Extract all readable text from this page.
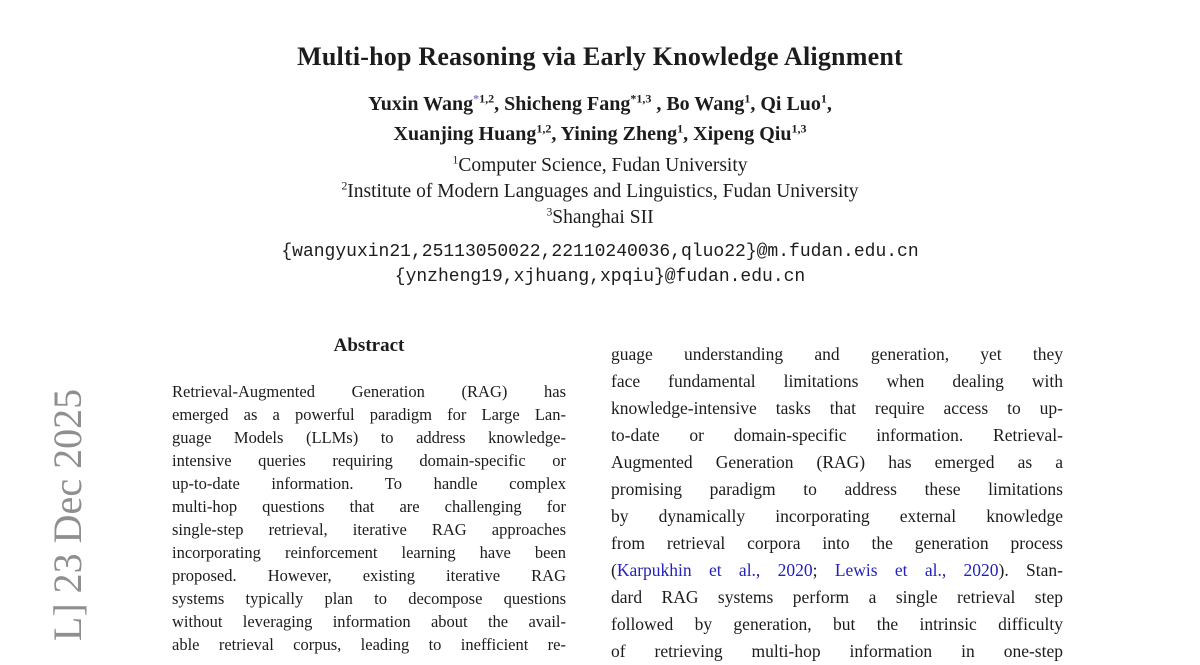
L] 23 Dec 2025
Multi-hop Reasoning via Early Knowledge Alignment
Yuxin Wang$^{*1,2}$, Shicheng Fang$^{*1,3}$ , Bo Wang$^1$, Qi Luo$^1$,
Xuanjing Huang$^{1,2}$, Yining Zheng$^1$, Xipeng Qiu$^{1,3}$
$^1$Computer Science, Fudan University
$^2$Institute of Modern Languages and Linguistics, Fudan University
$^3$Shanghai SII
{wangyuxin21,25113050022,22110240036,qluo22}@m.fudan.edu.cn
{ynzheng19,xjhuang,xpqiu}@fudan.edu.cn
Abstract
Retrieval-Augmented Generation (RAG) has
emerged as a powerful paradigm for Large Lan-
guage Models (LLMs) to address knowledge-
intensive queries requiring domain-specific or
up-to-date information. To handle complex
multi-hop questions that are challenging for
single-step retrieval, iterative RAG approaches
incorporating reinforcement learning have been
proposed. However, existing iterative RAG
systems typically plan to decompose questions
without leveraging information about the avail-
able retrieval corpus, leading to inefficient re-
guage understanding and generation, yet they
face fundamental limitations when dealing with
knowledge-intensive tasks that require access to up-
to-date or domain-specific information. Retrieval-
Augmented Generation (RAG) has emerged as a
promising paradigm to address these limitations
by dynamically incorporating external knowledge
from retrieval corpora into the generation process
(Karpukhin et al., 2020; Lewis et al., 2020). Stan-
dard RAG systems perform a single retrieval step
followed by generation, but the intrinsic difficulty
of retrieving multi-hop information in one-step
